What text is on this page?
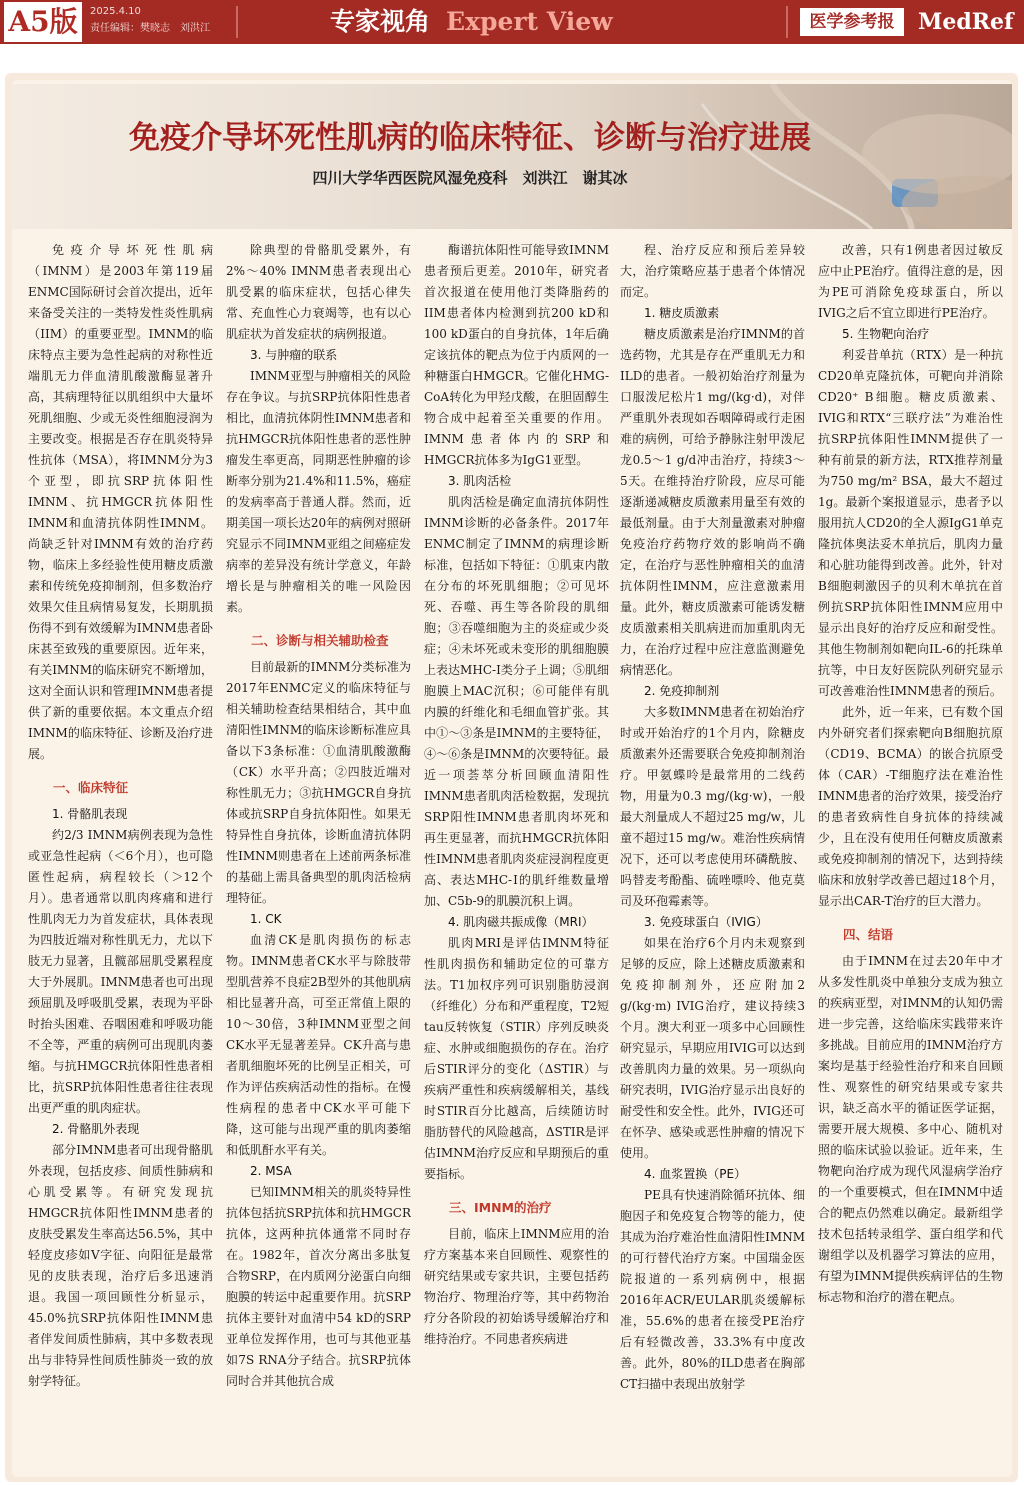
A5版	2025.4.10
责任编辑：樊晓志　刘洪江	专家视角 Expert View	医学参考报	MedRef
免疫介导坏死性肌病的临床特征、诊断与治疗进展
四川大学华西医院风湿免疫科　刘洪江　谢其冰

免疫介导坏死性肌病（IMNM）是2003年第119届ENMC国际研讨会首次提出，近年来备受关注的一类特发性炎性肌病（IIM）的重要亚型。IMNM的临床特点主要为急性起病的对称性近端肌无力伴血清肌酸激酶显著升高，其病理特征以肌组织中大量坏死肌细胞、少或无炎性细胞浸润为主要改变。根据是否存在肌炎特异性抗体（MSA），将IMNM分为3个亚型，即抗SRP抗体阳性IMNM、抗HMGCR抗体阳性IMNM和血清抗体阴性IMNM。尚缺乏针对IMNM有效的治疗药物，临床上多经验性使用糖皮质激素和传统免疫抑制剂，但多数治疗效果欠佳且病情易复发，长期肌损伤得不到有效缓解为IMNM患者卧床甚至致残的重要原因。近年来，有关IMNM的临床研究不断增加，这对全面认识和管理IMNM患者提供了新的重要依据。本文重点介绍IMNM的临床特征、诊断及治疗进展。

一、临床特征
1. 骨骼肌表现

约2/3 IMNM病例表现为急性或亚急性起病（＜6个月），也可隐匿性起病，病程较长（＞12个月）。患者通常以肌肉疼痛和进行性肌肉无力为首发症状，具体表现为四肢近端对称性肌无力，尤以下肢无力显著，且髋部屈肌受累程度大于外展肌。IMNM患者也可出现颈屈肌及呼吸肌受累，表现为平卧时抬头困难、吞咽困难和呼吸功能不全等，严重的病例可出现肌肉萎缩。与抗HMGCR抗体阳性患者相比，抗SRP抗体阳性患者往往表现出更严重的肌肉症状。

2. 骨骼肌外表现

部分IMNM患者可出现骨骼肌外表现，包括皮疹、间质性肺病和心肌受累等。有研究发现抗HMGCR抗体阳性IMNM患者的皮肤受累发生率高达56.5%，其中轻度皮疹如V字征、向阳征是最常见的皮肤表现，治疗后多迅速消退。我国一项回顾性分析显示，45.0%抗SRP抗体阳性IMNM患者伴发间质性肺病，其中多数表现出与非特异性间质性肺炎一致的放射学特征。

除典型的骨骼肌受累外，有2%～40% IMNM患者表现出心肌受累的临床症状，包括心律失常、充血性心力衰竭等，也有以心肌症状为首发症状的病例报道。

3. 与肿瘤的联系

IMNM亚型与肿瘤相关的风险存在争议。与抗SRP抗体阳性患者相比，血清抗体阴性IMNM患者和抗HMGCR抗体阳性患者的恶性肿瘤发生率更高，同期恶性肿瘤的诊断率分别为21.4%和11.5%，癌症的发病率高于普通人群。然而，近期美国一项长达20年的病例对照研究显示不同IMNM亚组之间癌症发病率的差异没有统计学意义，年龄增长是与肿瘤相关的唯一风险因素。

二、诊断与相关辅助检查

目前最新的IMNM分类标准为2017年ENMC定义的临床特征与相关辅助检查结果相结合，其中血清阳性IMNM的临床诊断标准应具备以下3条标准：①血清肌酸激酶（CK）水平升高；②四肢近端对称性肌无力；③抗HMGCR自身抗体或抗SRP自身抗体阳性。如果无特异性自身抗体，诊断血清抗体阴性IMNM则患者在上述前两条标准的基础上需具备典型的肌肉活检病理特征。

1. CK

血清CK是肌肉损伤的标志物。IMNM患者CK水平与除肢带型肌营养不良症2B型外的其他肌病相比显著升高，可至正常值上限的10～30倍，3种IMNM亚型之间CK水平无显著差异。CK升高与患者肌细胞坏死的比例呈正相关，可作为评估疾病活动性的指标。在慢性病程的患者中CK水平可能下降，这可能与出现严重的肌肉萎缩和低肌酐水平有关。

2. MSA

已知IMNM相关的肌炎特异性抗体包括抗SRP抗体和抗HMGCR抗体，这两种抗体通常不同时存在。1982年，首次分离出多肽复合物SRP，在内质网分泌蛋白向细胞膜的转运中起重要作用。抗SRP抗体主要针对血清中54 kD的SRP亚单位发挥作用，也可与其他亚基如7S RNA分子结合。抗SRP抗体同时合并其他抗合成

酶谱抗体阳性可能导致IMNM患者预后更差。2010年，研究者首次报道在使用他汀类降脂药的IIM患者体内检测到抗200 kD和100 kD蛋白的自身抗体，1年后确定该抗体的靶点为位于内质网的一种糖蛋白HMGCR。它催化HMG-CoA转化为甲羟戊酸，在胆固醇生物合成中起着至关重要的作用。IMNM患者体内的SRP和HMGCR抗体多为IgG1亚型。

3. 肌肉活检

肌肉活检是确定血清抗体阴性IMNM诊断的必备条件。2017年ENMC制定了IMNM的病理诊断标准，包括如下特征：①肌束内散在分布的坏死肌细胞；②可见坏死、吞噬、再生等各阶段的肌细胞；③吞噬细胞为主的炎症或少炎症；④未坏死或未变形的肌细胞膜上表达MHC-Ⅰ类分子上调；⑤肌细胞膜上MAC沉积；⑥可能伴有肌内膜的纤维化和毛细血管扩张。其中①～③条是IMNM的主要特征，④～⑥条是IMNM的次要特征。最近一项荟萃分析回顾血清阳性IMNM患者肌肉活检数据，发现抗SRP阳性IMNM患者肌肉坏死和再生更显著，而抗HMGCR抗体阳性IMNM患者肌肉炎症浸润程度更高、表达MHC-Ⅰ的肌纤维数量增加、C5b-9的肌膜沉积上调。

4. 肌肉磁共振成像（MRI）

肌肉MRI是评估IMNM特征性肌肉损伤和辅助定位的可靠方法。T1加权序列可识别脂肪浸润（纤维化）分布和严重程度，T2短tau反转恢复（STIR）序列反映炎症、水肿或细胞损伤的存在。治疗后STIR评分的变化（ΔSTIR）与疾病严重性和疾病缓解相关，基线时STIR百分比越高，后续随访时脂肪替代的风险越高，ΔSTIR是评估IMNM治疗反应和早期预后的重要指标。

三、IMNM的治疗

目前，临床上IMNM应用的治疗方案基本来自回顾性、观察性的研究结果或专家共识，主要包括药物治疗、物理治疗等，其中药物治疗分各阶段的初始诱导缓解治疗和维持治疗。不同患者疾病进

程、治疗反应和预后差异较大，治疗策略应基于患者个体情况而定。

1. 糖皮质激素

糖皮质激素是治疗IMNM的首选药物，尤其是存在严重肌无力和ILD的患者。一般初始治疗剂量为口服泼尼松片1 mg/(kg·d)，对伴严重肌外表现如吞咽障碍或行走困难的病例，可给予静脉注射甲泼尼龙0.5～1 g/d冲击治疗，持续3～5天。在维持治疗阶段，应尽可能逐渐递减糖皮质激素用量至有效的最低剂量。由于大剂量激素对肿瘤免疫治疗药物疗效的影响尚不确定，在治疗与恶性肿瘤相关的血清抗体阴性IMNM，应注意激素用量。此外，糖皮质激素可能诱发糖皮质激素相关肌病进而加重肌肉无力，在治疗过程中应注意监测避免病情恶化。

2. 免疫抑制剂

大多数IMNM患者在初始治疗时或开始治疗的1个月内，除糖皮质激素外还需要联合免疫抑制剂治疗。甲氨蝶呤是最常用的二线药物，用量为0.3 mg/(kg·w)，一般最大剂量成人不超过25 mg/w，儿童不超过15 mg/w。难治性疾病情况下，还可以考虑使用环磷酰胺、吗替麦考酚酯、硫唑嘌呤、他克莫司及环孢霉素等。

3. 免疫球蛋白（IVIG）

如果在治疗6个月内未观察到足够的反应，除上述糖皮质激素和免疫抑制剂外，还应附加2 g/(kg·m) IVIG治疗，建议持续3个月。澳大利亚一项多中心回顾性研究显示，早期应用IVIG可以达到改善肌肉力量的效果。另一项纵向研究表明，IVIG治疗显示出良好的耐受性和安全性。此外，IVIG还可在怀孕、感染或恶性肿瘤的情况下使用。

4. 血浆置换（PE）

PE具有快速消除循环抗体、细胞因子和免疫复合物等的能力，使其成为治疗难治性血清阳性IMNM的可行替代治疗方案。中国瑞金医院报道的一系列病例中，根据2016年ACR/EULAR肌炎缓解标准，55.6%的患者在接受PE治疗后有轻微改善，33.3%有中度改善。此外，80%的ILD患者在胸部CT扫描中表现出放射学

改善，只有1例患者因过敏反应中止PE治疗。值得注意的是，因为PE可消除免疫球蛋白，所以IVIG之后不宜立即进行PE治疗。

5. 生物靶向治疗

利妥昔单抗（RTX）是一种抗CD20单克隆抗体，可靶向并消除CD20⁺ B细胞。糖皮质激素、IVIG和RTX“三联疗法”为难治性抗SRP抗体阳性IMNM提供了一种有前景的新方法，RTX推荐剂量为750 mg/m² BSA，最大不超过1g。最新个案报道显示，患者予以服用抗人CD20的全人源IgG1单克隆抗体奥法妥木单抗后，肌肉力量和心脏功能得到改善。此外，针对B细胞刺激因子的贝利木单抗在首例抗SRP抗体阳性IMNM应用中显示出良好的治疗反应和耐受性。其他生物制剂如靶向IL-6的托珠单抗等，中日友好医院队列研究显示可改善难治性IMNM患者的预后。

此外，近一年来，已有数个国内外研究者们探索靶向B细胞抗原（CD19、BCMA）的嵌合抗原受体（CAR）-T细胞疗法在难治性IMNM患者的治疗效果，接受治疗的患者致病性自身抗体的持续减少，且在没有使用任何糖皮质激素或免疫抑制剂的情况下，达到持续临床和放射学改善已超过18个月，显示出CAR-T治疗的巨大潜力。

四、结语

由于IMNM在过去20年中才从多发性肌炎中单独分支成为独立的疾病亚型，对IMNM的认知仍需进一步完善，这给临床实践带来许多挑战。目前应用的IMNM治疗方案均是基于经验性治疗和来自回顾性、观察性的研究结果或专家共识，缺乏高水平的循证医学证据，需要开展大规模、多中心、随机对照的临床试验以验证。近年来，生物靶向治疗成为现代风湿病学治疗的一个重要模式，但在IMNM中适合的靶点仍然难以确定。最新组学技术包括转录组学、蛋白组学和代谢组学以及机器学习算法的应用，有望为IMNM提供疾病评估的生物标志物和治疗的潜在靶点。
